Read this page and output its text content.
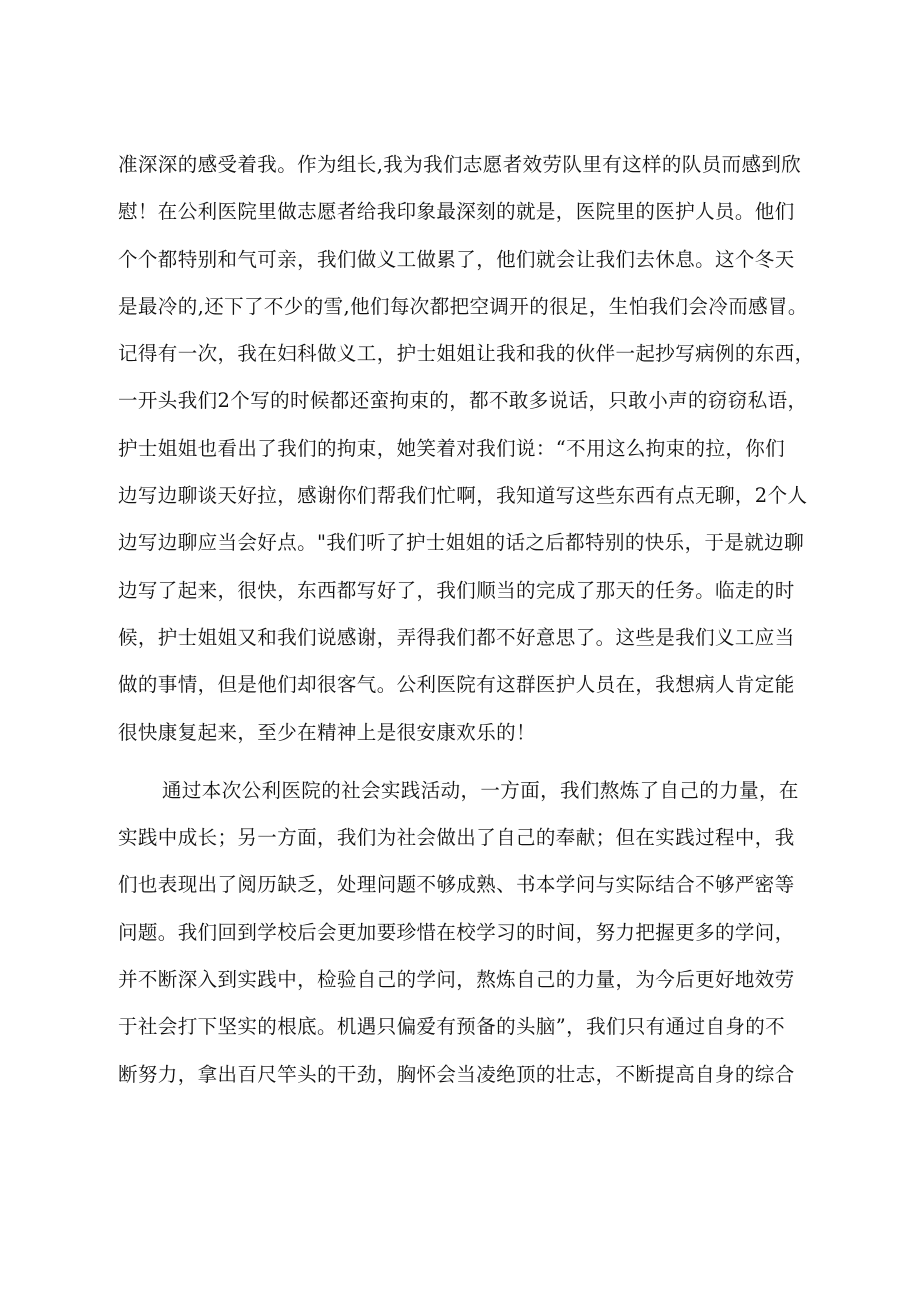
准深深的感受着我。作为组长,我为我们志愿者效劳队里有这样的队员而感到欣
慰！在公利医院里做志愿者给我印象最深刻的就是，医院里的医护人员。他们
个个都特别和气可亲，我们做义工做累了，他们就会让我们去休息。这个冬天
是最冷的,还下了不少的雪,他们每次都把空调开的很足，生怕我们会冷而感冒。
记得有一次，我在妇科做义工，护士姐姐让我和我的伙伴一起抄写病例的东西，
一开头我们2个写的时候都还蛮拘束的，都不敢多说话，只敢小声的窃窃私语，
护士姐姐也看出了我们的拘束，她笑着对我们说：“不用这么拘束的拉，你们
边写边聊谈天好拉，感谢你们帮我们忙啊，我知道写这些东西有点无聊，2个人
边写边聊应当会好点。"我们听了护士姐姐的话之后都特别的快乐，于是就边聊
边写了起来，很快，东西都写好了，我们顺当的完成了那天的任务。临走的时
候，护士姐姐又和我们说感谢，弄得我们都不好意思了。这些是我们义工应当
做的事情，但是他们却很客气。公利医院有这群医护人员在，我想病人肯定能
很快康复起来，至少在精神上是很安康欢乐的！
通过本次公利医院的社会实践活动，一方面，我们熬炼了自己的力量，在
实践中成长；另一方面，我们为社会做出了自己的奉献；但在实践过程中，我
们也表现出了阅历缺乏，处理问题不够成熟、书本学问与实际结合不够严密等
问题。我们回到学校后会更加要珍惜在校学习的时间，努力把握更多的学问，
并不断深入到实践中，检验自己的学问，熬炼自己的力量，为今后更好地效劳
于社会打下坚实的根底。机遇只偏爱有预备的头脑”，我们只有通过自身的不
断努力，拿出百尺竿头的干劲，胸怀会当凌绝顶的壮志，不断提高自身的综合
